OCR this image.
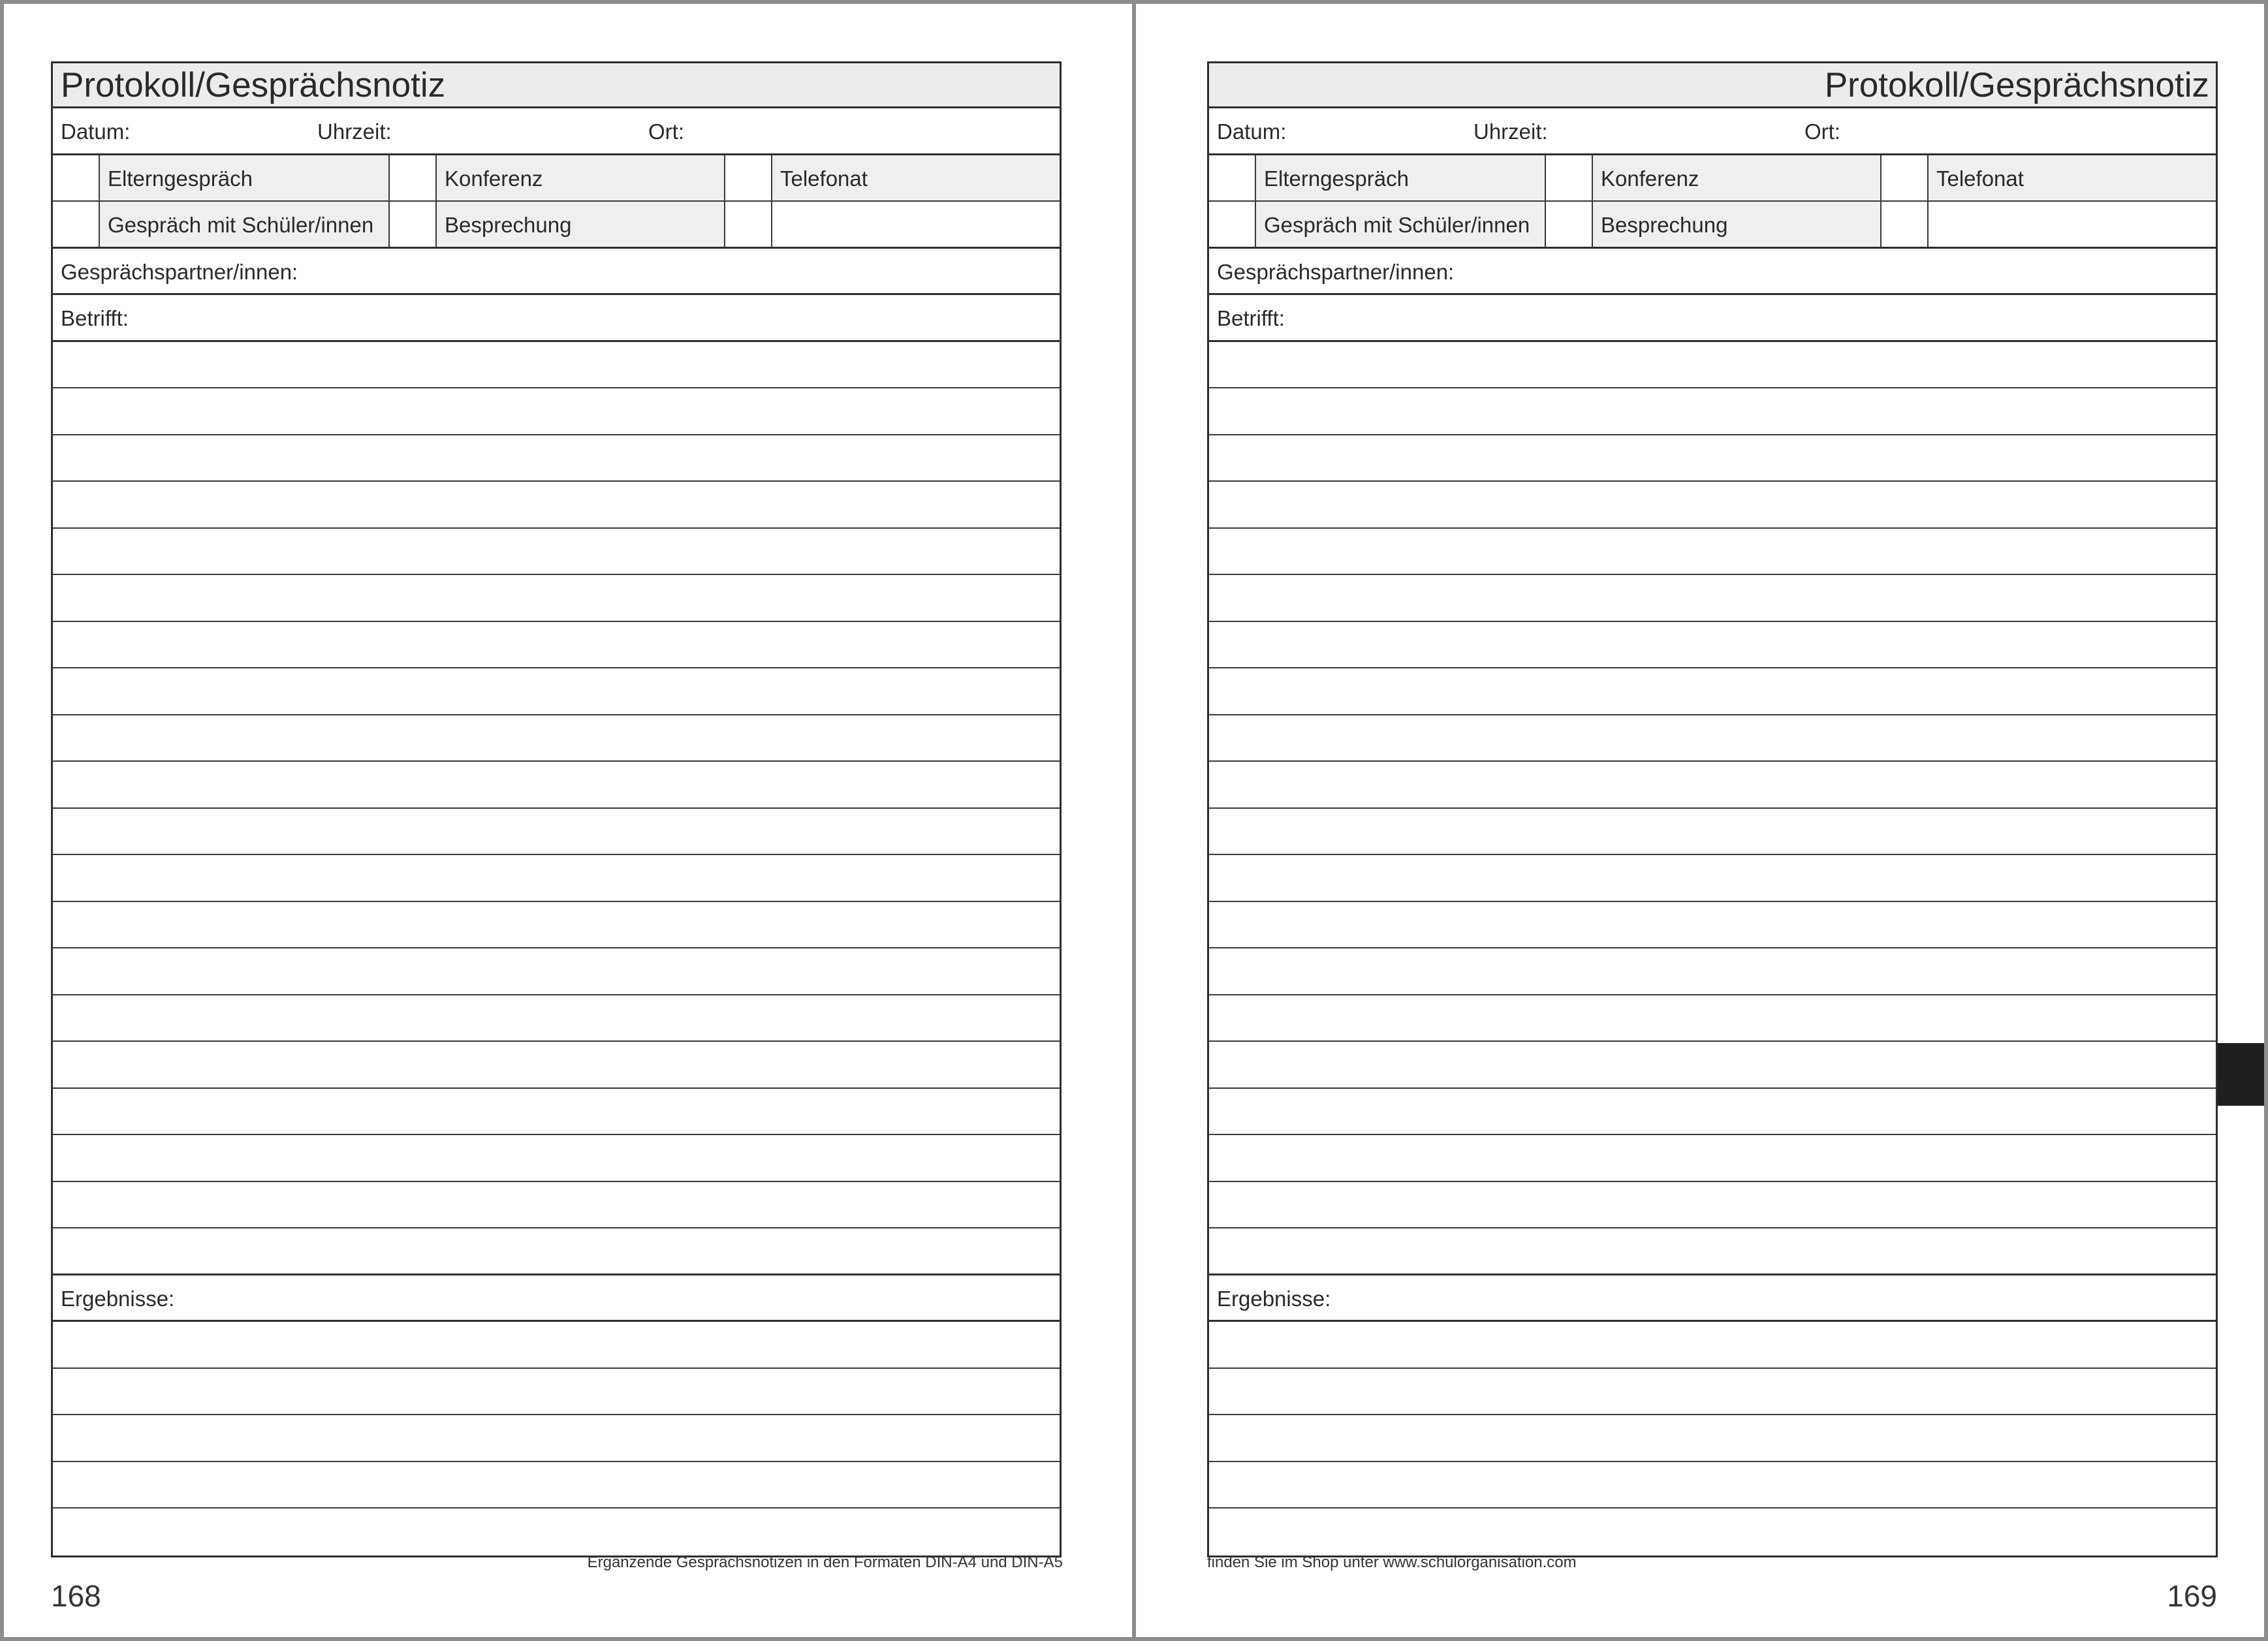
Protokoll/Gesprächsnotiz
Datum:	Uhrzeit:	Ort:
Elterngespräch	Konferenz	Telefonat
Gespräch mit Schüler/innen	Besprechung
Gesprächspartner/innen:
Betrifft:
Ergebnisse:
Ergänzende Gesprächsnotizen in den Formaten DIN-A4 und DIN-A5
168
Protokoll/Gesprächsnotiz
Datum:	Uhrzeit:	Ort:
Elterngespräch	Konferenz	Telefonat
Gespräch mit Schüler/innen	Besprechung
Gesprächspartner/innen:
Betrifft:
Ergebnisse:
finden Sie im Shop unter www.schulorganisation.com
169
